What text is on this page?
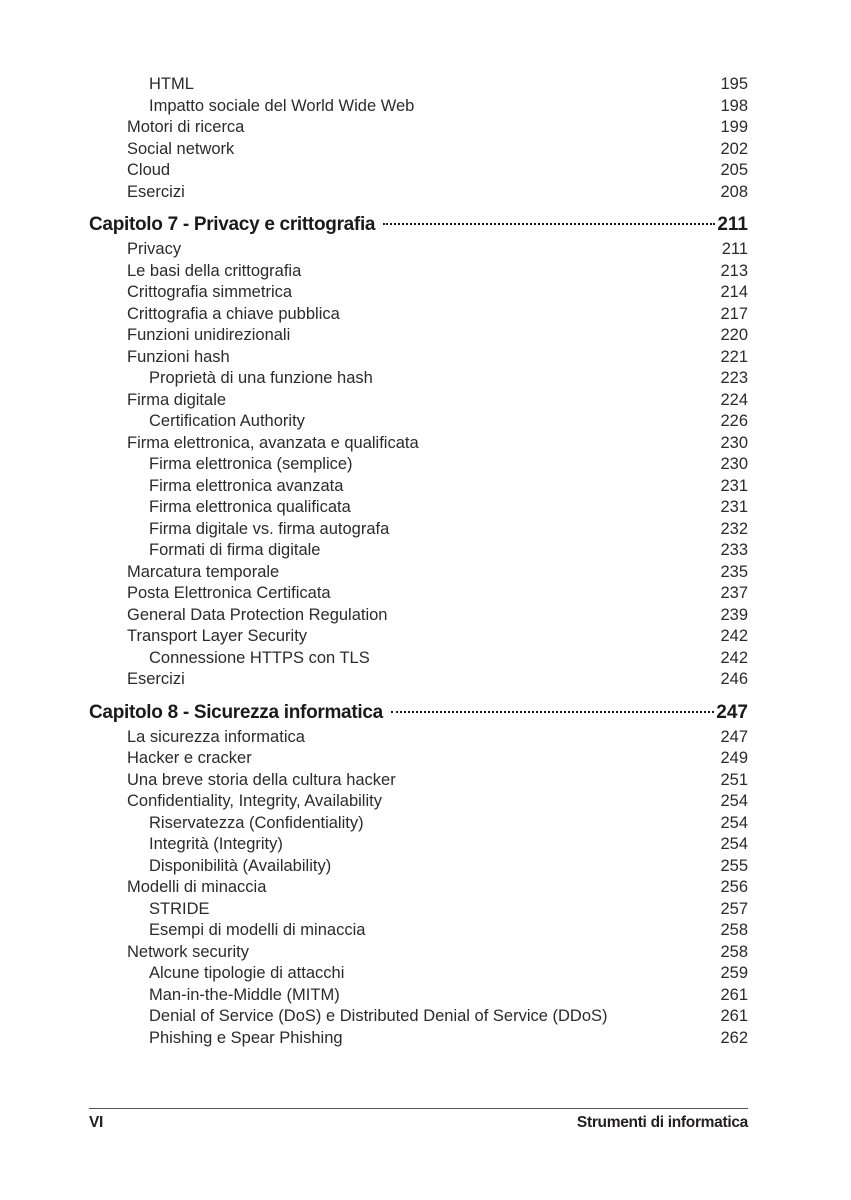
HTML	195
Impatto sociale del World Wide Web	198
Motori di ricerca	199
Social network	202
Cloud	205
Esercizi	208
Capitolo 7 - Privacy e crittografia	211
Privacy	211
Le basi della crittografia	213
Crittografia simmetrica	214
Crittografia a chiave pubblica	217
Funzioni unidirezionali	220
Funzioni hash	221
Proprietà di una funzione hash	223
Firma digitale	224
Certification Authority	226
Firma elettronica, avanzata e qualificata	230
Firma elettronica (semplice)	230
Firma elettronica avanzata	231
Firma elettronica qualificata	231
Firma digitale vs. firma autografa	232
Formati di firma digitale	233
Marcatura temporale	235
Posta Elettronica Certificata	237
General Data Protection Regulation	239
Transport Layer Security	242
Connessione HTTPS con TLS	242
Esercizi	246
Capitolo 8 - Sicurezza informatica	247
La sicurezza informatica	247
Hacker e cracker	249
Una breve storia della cultura hacker	251
Confidentiality, Integrity, Availability	254
Riservatezza (Confidentiality)	254
Integrità (Integrity)	254
Disponibilità (Availability)	255
Modelli di minaccia	256
STRIDE	257
Esempi di modelli di minaccia	258
Network security	258
Alcune tipologie di attacchi	259
Man-in-the-Middle (MITM)	261
Denial of Service (DoS) e Distributed Denial of Service (DDoS)	261
Phishing e Spear Phishing	262
VI	Strumenti di informatica
